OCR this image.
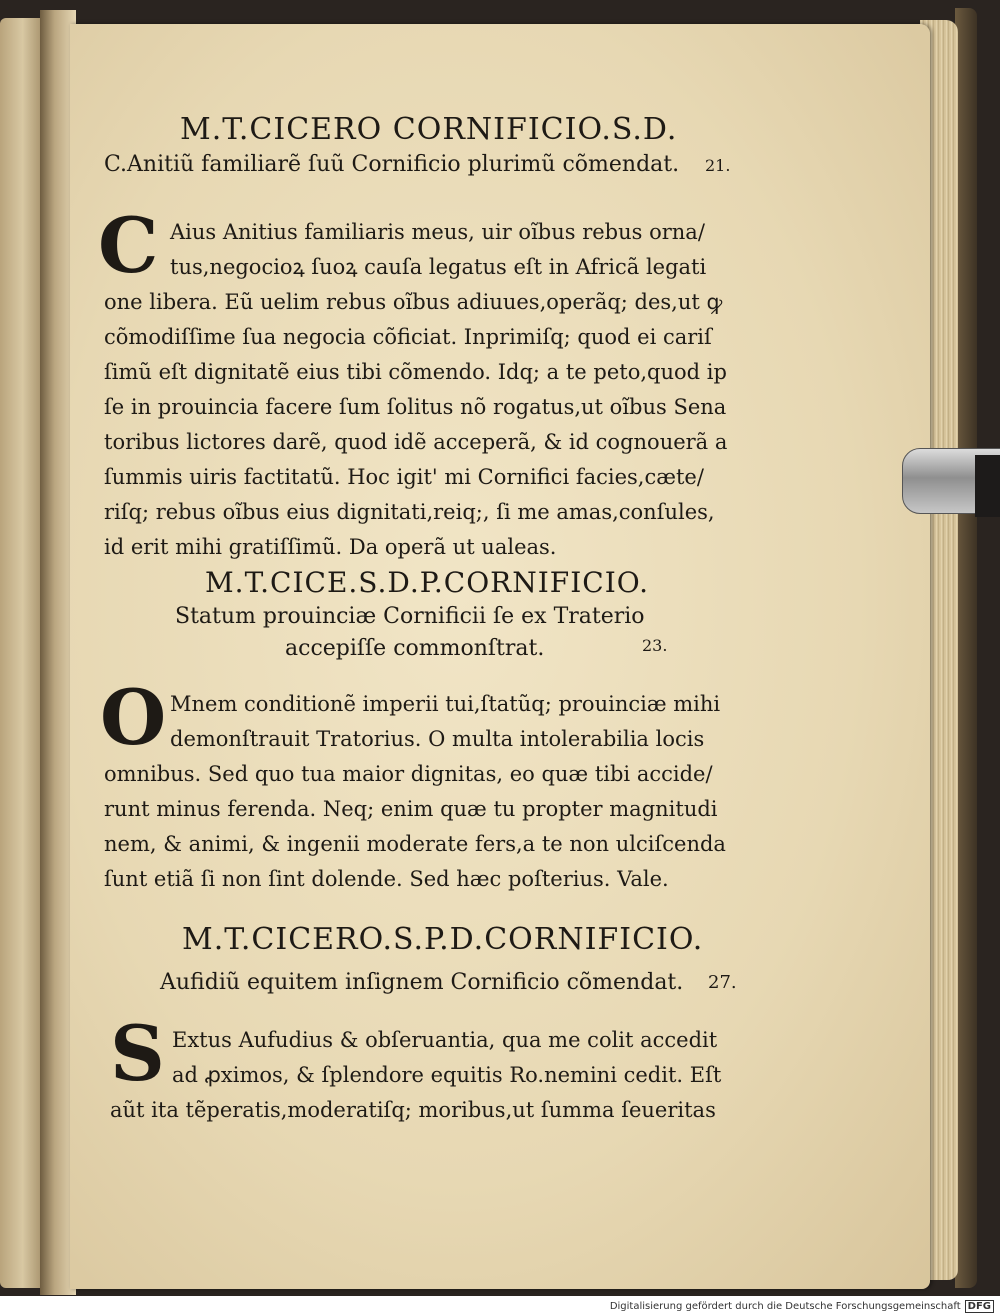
M.T.CICERO CORNIFICIO.S.D.
C.Anitiũ familiarẽ ſuũ Cornificio plurimũ cõmendat. 21.
C Aius Anitius familiaris meus, uir oĩbus rebus orna/
tus,negocioꝝ ſuoꝝ cauſa legatus eſt in Africã legati
one libera. Eũ uelim rebus oĩbus adiuues,operãq; des,ut ꝙ
cõmodiſſime ſua negocia cõficiat. Inprimiſq; quod ei cariſ
ſimũ eſt dignitatẽ eius tibi cõmendo. Idq; a te peto,quod ip
ſe in prouincia facere ſum ſolitus nõ rogatus,ut oĩbus Sena
toribus lictores darẽ, quod idẽ acceperã, & id cognouerã a
ſummis uiris factitatũ. Hoc igit' mi Cornifici facies,cæte/
riſq; rebus oĩbus eius dignitati,reiq;, ſi me amas,conſules,
id erit mihi gratiſſimũ. Da operã ut ualeas.
M.T.CICE.S.D.P.CORNIFICIO.
Statum prouinciæ Cornificii ſe ex Traterio
accepiſſe commonſtrat.	23.
O Mnem conditionẽ imperii tui,ſtatũq; prouinciæ mihi
demonſtrauit Tratorius. O multa intolerabilia locis
omnibus. Sed quo tua maior dignitas, eo quæ tibi accide/
runt minus ferenda. Neq; enim quæ tu propter magnitudi
nem, & animi, & ingenii moderate fers,a te non ulciſcenda
ſunt etiã ſi non ſint dolende. Sed hæc poſterius. Vale.
M.T.CICERO.S.P.D.CORNIFICIO.
Aufidiũ equitem inſignem Cornificio cõmendat. 27.
S Extus Aufudius & obſeruantia, qua me colit accedit
ad ꝓximos, & ſplendore equitis Ro.nemini cedit. Eſt
aũt ita tẽperatis,moderatiſq; moribus,ut ſumma ſeueritas
Digitalisierung gefördert durch die Deutsche Forschungsgemeinschaft DFG
